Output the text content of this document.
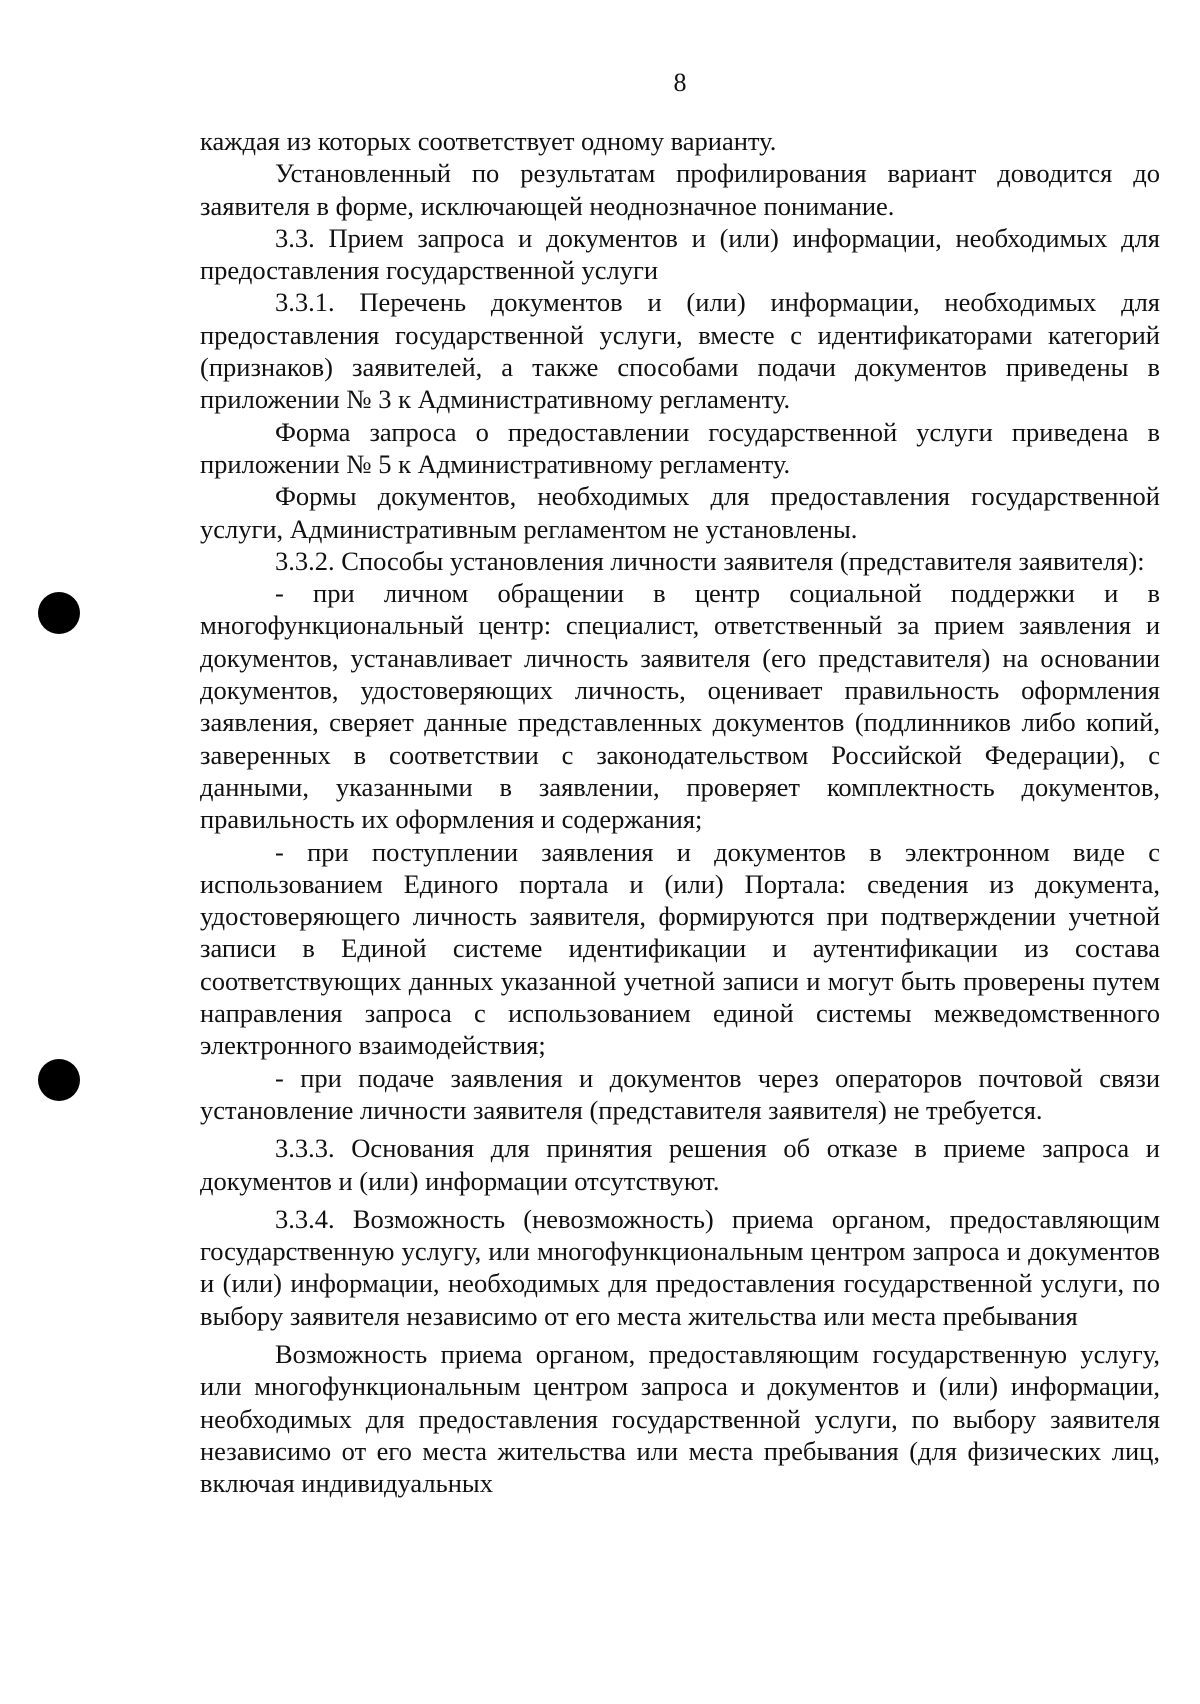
8

каждая из которых соответствует одному варианту.

Установленный по результатам профилирования вариант доводится до заявителя в форме, исключающей неоднозначное понимание.

3.3. Прием запроса и документов и (или) информации, необходимых для предоставления государственной услуги

3.3.1. Перечень документов и (или) информации, необходимых для предоставления государственной услуги, вместе с идентификаторами категорий (признаков) заявителей, а также способами подачи документов приведены в приложении № 3 к Административному регламенту.

Форма запроса о предоставлении государственной услуги приведена в приложении № 5 к Административному регламенту.

Формы документов, необходимых для предоставления государственной услуги, Административным регламентом не установлены.

3.3.2. Способы установления личности заявителя (представителя заявителя):

- при личном обращении в центр социальной поддержки и в многофункциональный центр: специалист, ответственный за прием заявления и документов, устанавливает личность заявителя (его представителя) на основании документов, удостоверяющих личность, оценивает правильность оформления заявления, сверяет данные представленных документов (подлинников либо копий, заверенных в соответствии с законодательством Российской Федерации), с данными, указанными в заявлении, проверяет комплектность документов, правильность их оформления и содержания;

- при поступлении заявления и документов в электронном виде с использованием Единого портала и (или) Портала: сведения из документа, удостоверяющего личность заявителя, формируются при подтверждении учетной записи в Единой системе идентификации и аутентификации из состава соответствующих данных указанной учетной записи и могут быть проверены путем направления запроса с использованием единой системы межведомственного электронного взаимодействия;

- при подаче заявления и документов через операторов почтовой связи установление личности заявителя (представителя заявителя) не требуется.

3.3.3. Основания для принятия решения об отказе в приеме запроса и документов и (или) информации отсутствуют.

3.3.4. Возможность (невозможность) приема органом, предоставляющим государственную услугу, или многофункциональным центром запроса и документов и (или) информации, необходимых для предоставления государственной услуги, по выбору заявителя независимо от его места жительства или места пребывания

Возможность приема органом, предоставляющим государственную услугу, или многофункциональным центром запроса и документов и (или) информации, необходимых для предоставления государственной услуги, по выбору заявителя независимо от его места жительства или места пребывания (для физических лиц, включая индивидуальных
